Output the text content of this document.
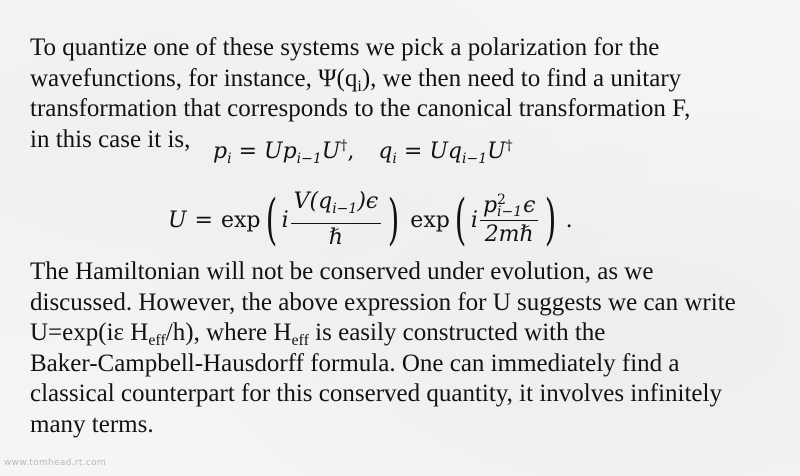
To quantize one of these systems we pick a polarization for the
wavefunctions, for instance, $\Psi(q_i)$, we then need to find a unitary
transformation that corresponds to the canonical transformation F,
in this case it is,	$p_i = Up_{i-1}U^\dagger$, $q_i = Uq_{i-1}U^\dagger$
U = exp ( i $\frac{V(q_{i-1})\epsilon}{\text{ℏ}}$ ) exp ( i p 2
i−1 ϵ
2mℏ ) .

The Hamiltonian will not be conserved under evolution, as we
discussed. However, the above expression for U suggests we can write
U=exp(iε $H_{eff}/h$), where $H_{eff}$ is easily constructed with the
Baker-Campbell-Hausdorff formula. One can immediately find a
classical counterpart for this conserved quantity, it involves infinitely
many terms.

www.tomhead.rt.com
